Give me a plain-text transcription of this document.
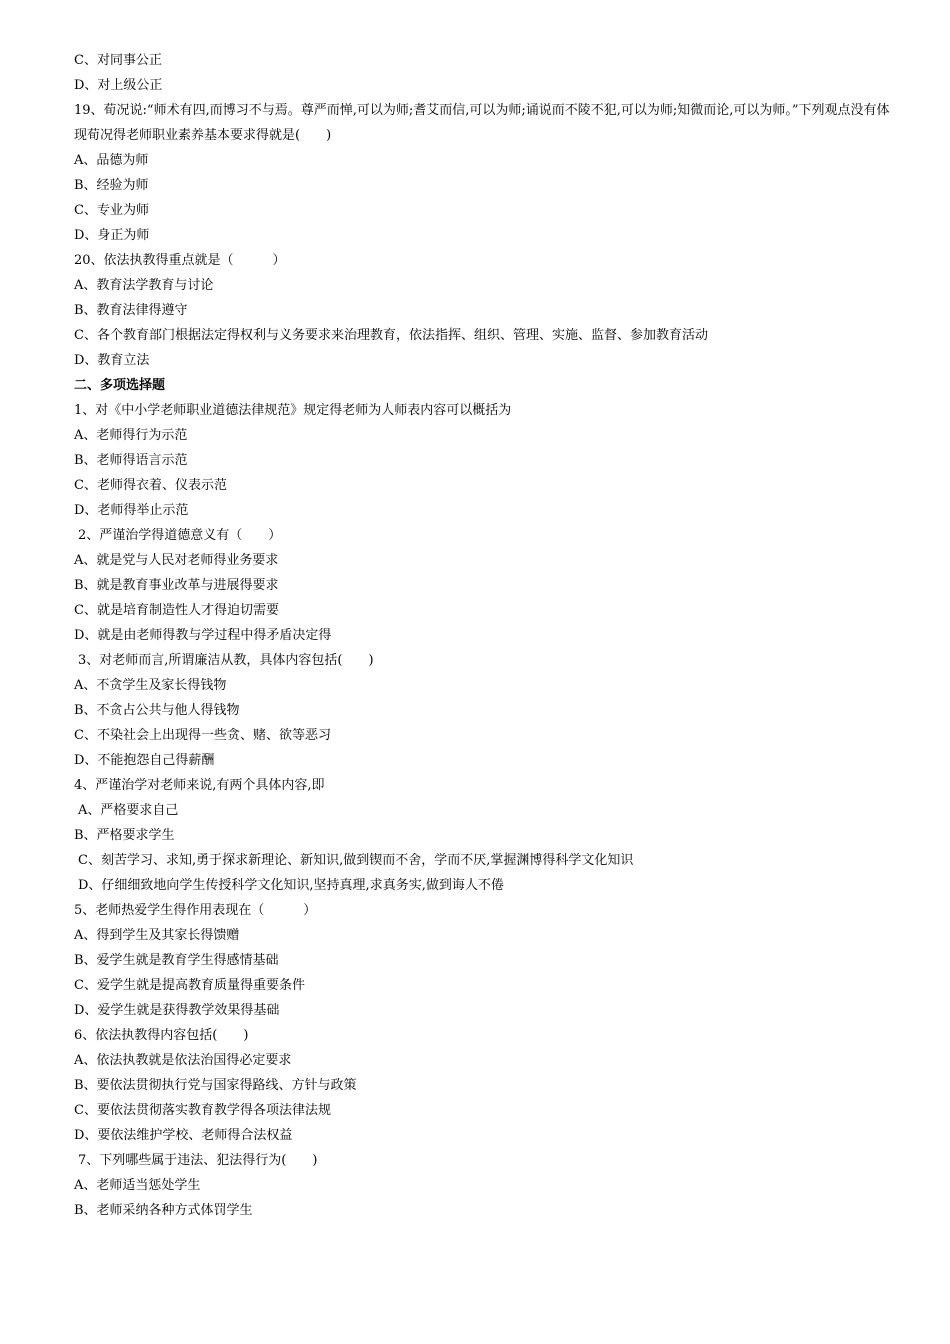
C、对同事公正
D、对上级公正
19、荀况说:“师术有四,而博习不与焉。尊严而惮,可以为师;耆艾而信,可以为师;诵说而不陵不犯,可以为师;知微而论,可以为师。”下列观点没有体现荀况得老师职业素养基本要求得就是(　　)
A、品德为师
B、经验为师
C、专业为师
D、身正为师
20、依法执教得重点就是（　　　）
A、教育法学教育与讨论
B、教育法律得遵守
C、各个教育部门根据法定得权利与义务要求来治理教育，依法指挥、组织、管理、实施、监督、参加教育活动
D、教育立法
二、多项选择题
1、对《中小学老师职业道德法律规范》规定得老师为人师表内容可以概括为
A、老师得行为示范
B、老师得语言示范
C、老师得衣着、仪表示范
D、老师得举止示范
2、严谨治学得道德意义有（　　）
A、就是党与人民对老师得业务要求
B、就是教育事业改革与进展得要求
C、就是培育制造性人才得迫切需要
D、就是由老师得教与学过程中得矛盾决定得
3、对老师而言,所谓廉洁从教，具体内容包括(　　)
A、不贪学生及家长得钱物
B、不贪占公共与他人得钱物
C、不染社会上出现得一些贪、赌、欲等恶习
D、不能抱怨自己得薪酬
4、严谨治学对老师来说,有两个具体内容,即
A、严格要求自己
B、严格要求学生
C、刻苦学习、求知,勇于探求新理论、新知识,做到锲而不舍，学而不厌,掌握渊博得科学文化知识
D、仔细细致地向学生传授科学文化知识,坚持真理,求真务实,做到诲人不倦
5、老师热爱学生得作用表现在（　　　）
A、得到学生及其家长得馈赠
B、爱学生就是教育学生得感情基础
C、爱学生就是提高教育质量得重要条件
D、爱学生就是获得教学效果得基础
6、依法执教得内容包括(　　)
A、依法执教就是依法治国得必定要求
B、要依法贯彻执行党与国家得路线、方针与政策
C、要依法贯彻落实教育教学得各项法律法规
D、要依法维护学校、老师得合法权益
7、下列哪些属于违法、犯法得行为(　　)
A、老师适当惩处学生
B、老师采纳各种方式体罚学生
